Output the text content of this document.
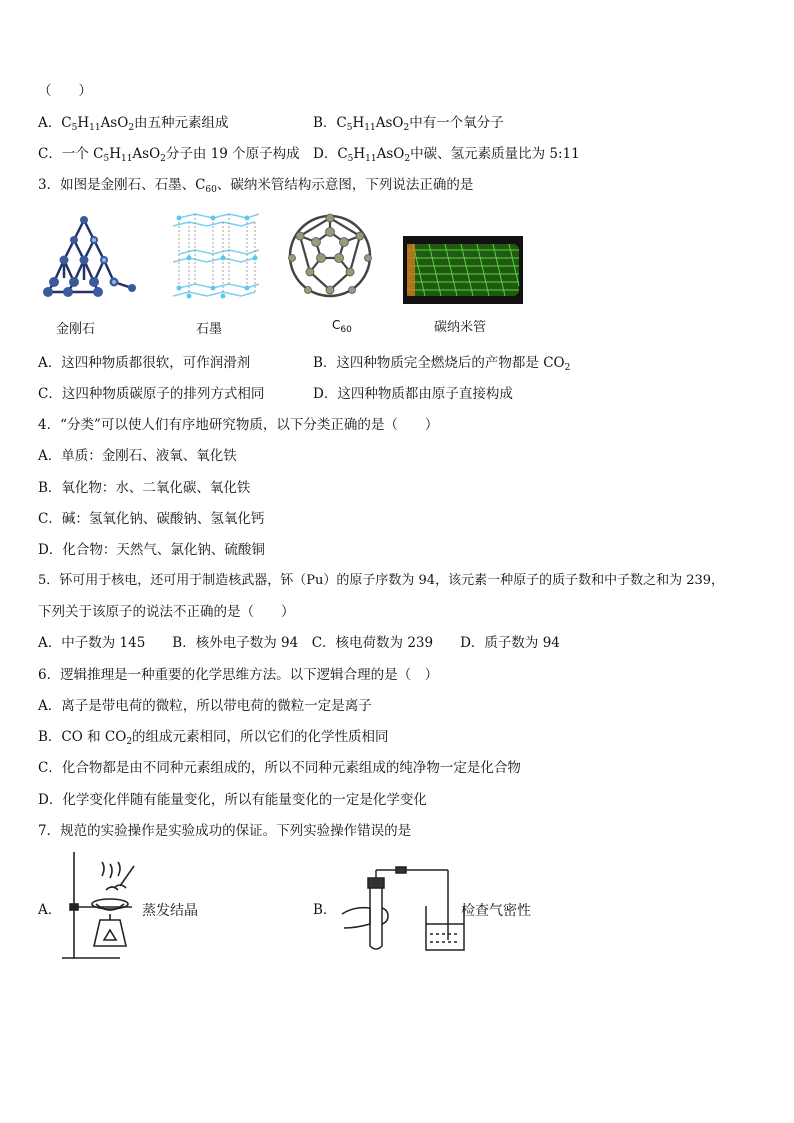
（　　）
A．$C_5H_{11}AsO_2$由五种元素组成	B．$C_5H_{11}AsO_2$中有一个氧分子
C．一个 $C_5H_{11}AsO_2$分子由 19 个原子构成 D．$C_5H_{11}AsO_2$中碳、氢元素质量比为 5:11
3．如图是金刚石、石墨、$C_{60}$、碳纳米管结构示意图，下列说法正确的是
金刚石	石墨	$C_{60}$	碳纳米管
A．这四种物质都很软，可作润滑剂	B．这四种物质完全燃烧后的产物都是 $CO_2$
C．这四种物质碳原子的排列方式相同	D．这四种物质都由原子直接构成
4．“分类”可以使人们有序地研究物质，以下分类正确的是（　　）
A．单质：金刚石、液氧、氧化铁
B．氧化物：水、二氧化碳、氧化铁
C．碱：氢氧化钠、碳酸钠、氢氧化钙
D．化合物：天然气、氯化钠、硫酸铜
5．钚可用于核电，还可用于制造核武器，钚（Pu）的原子序数为 94，该元素一种原子的质子数和中子数之和为 239，
下列关于该原子的说法不正确的是（　　）
A．中子数为 145　　B．核外电子数为 94　C．核电荷数为 239　　D．质子数为 94
6．逻辑推理是一种重要的化学思维方法。以下逻辑合理的是（　）
A．离子是带电荷的微粒，所以带电荷的微粒一定是离子
B．CO 和 $CO_2$的组成元素相同，所以它们的化学性质相同
C．化合物都是由不同种元素组成的，所以不同种元素组成的纯净物一定是化合物
D．化学变化伴随有能量变化，所以有能量变化的一定是化学变化
7．规范的实验操作是实验成功的保证。下列实验操作错误的是
A．	蒸发结晶	B．	检查气密性
